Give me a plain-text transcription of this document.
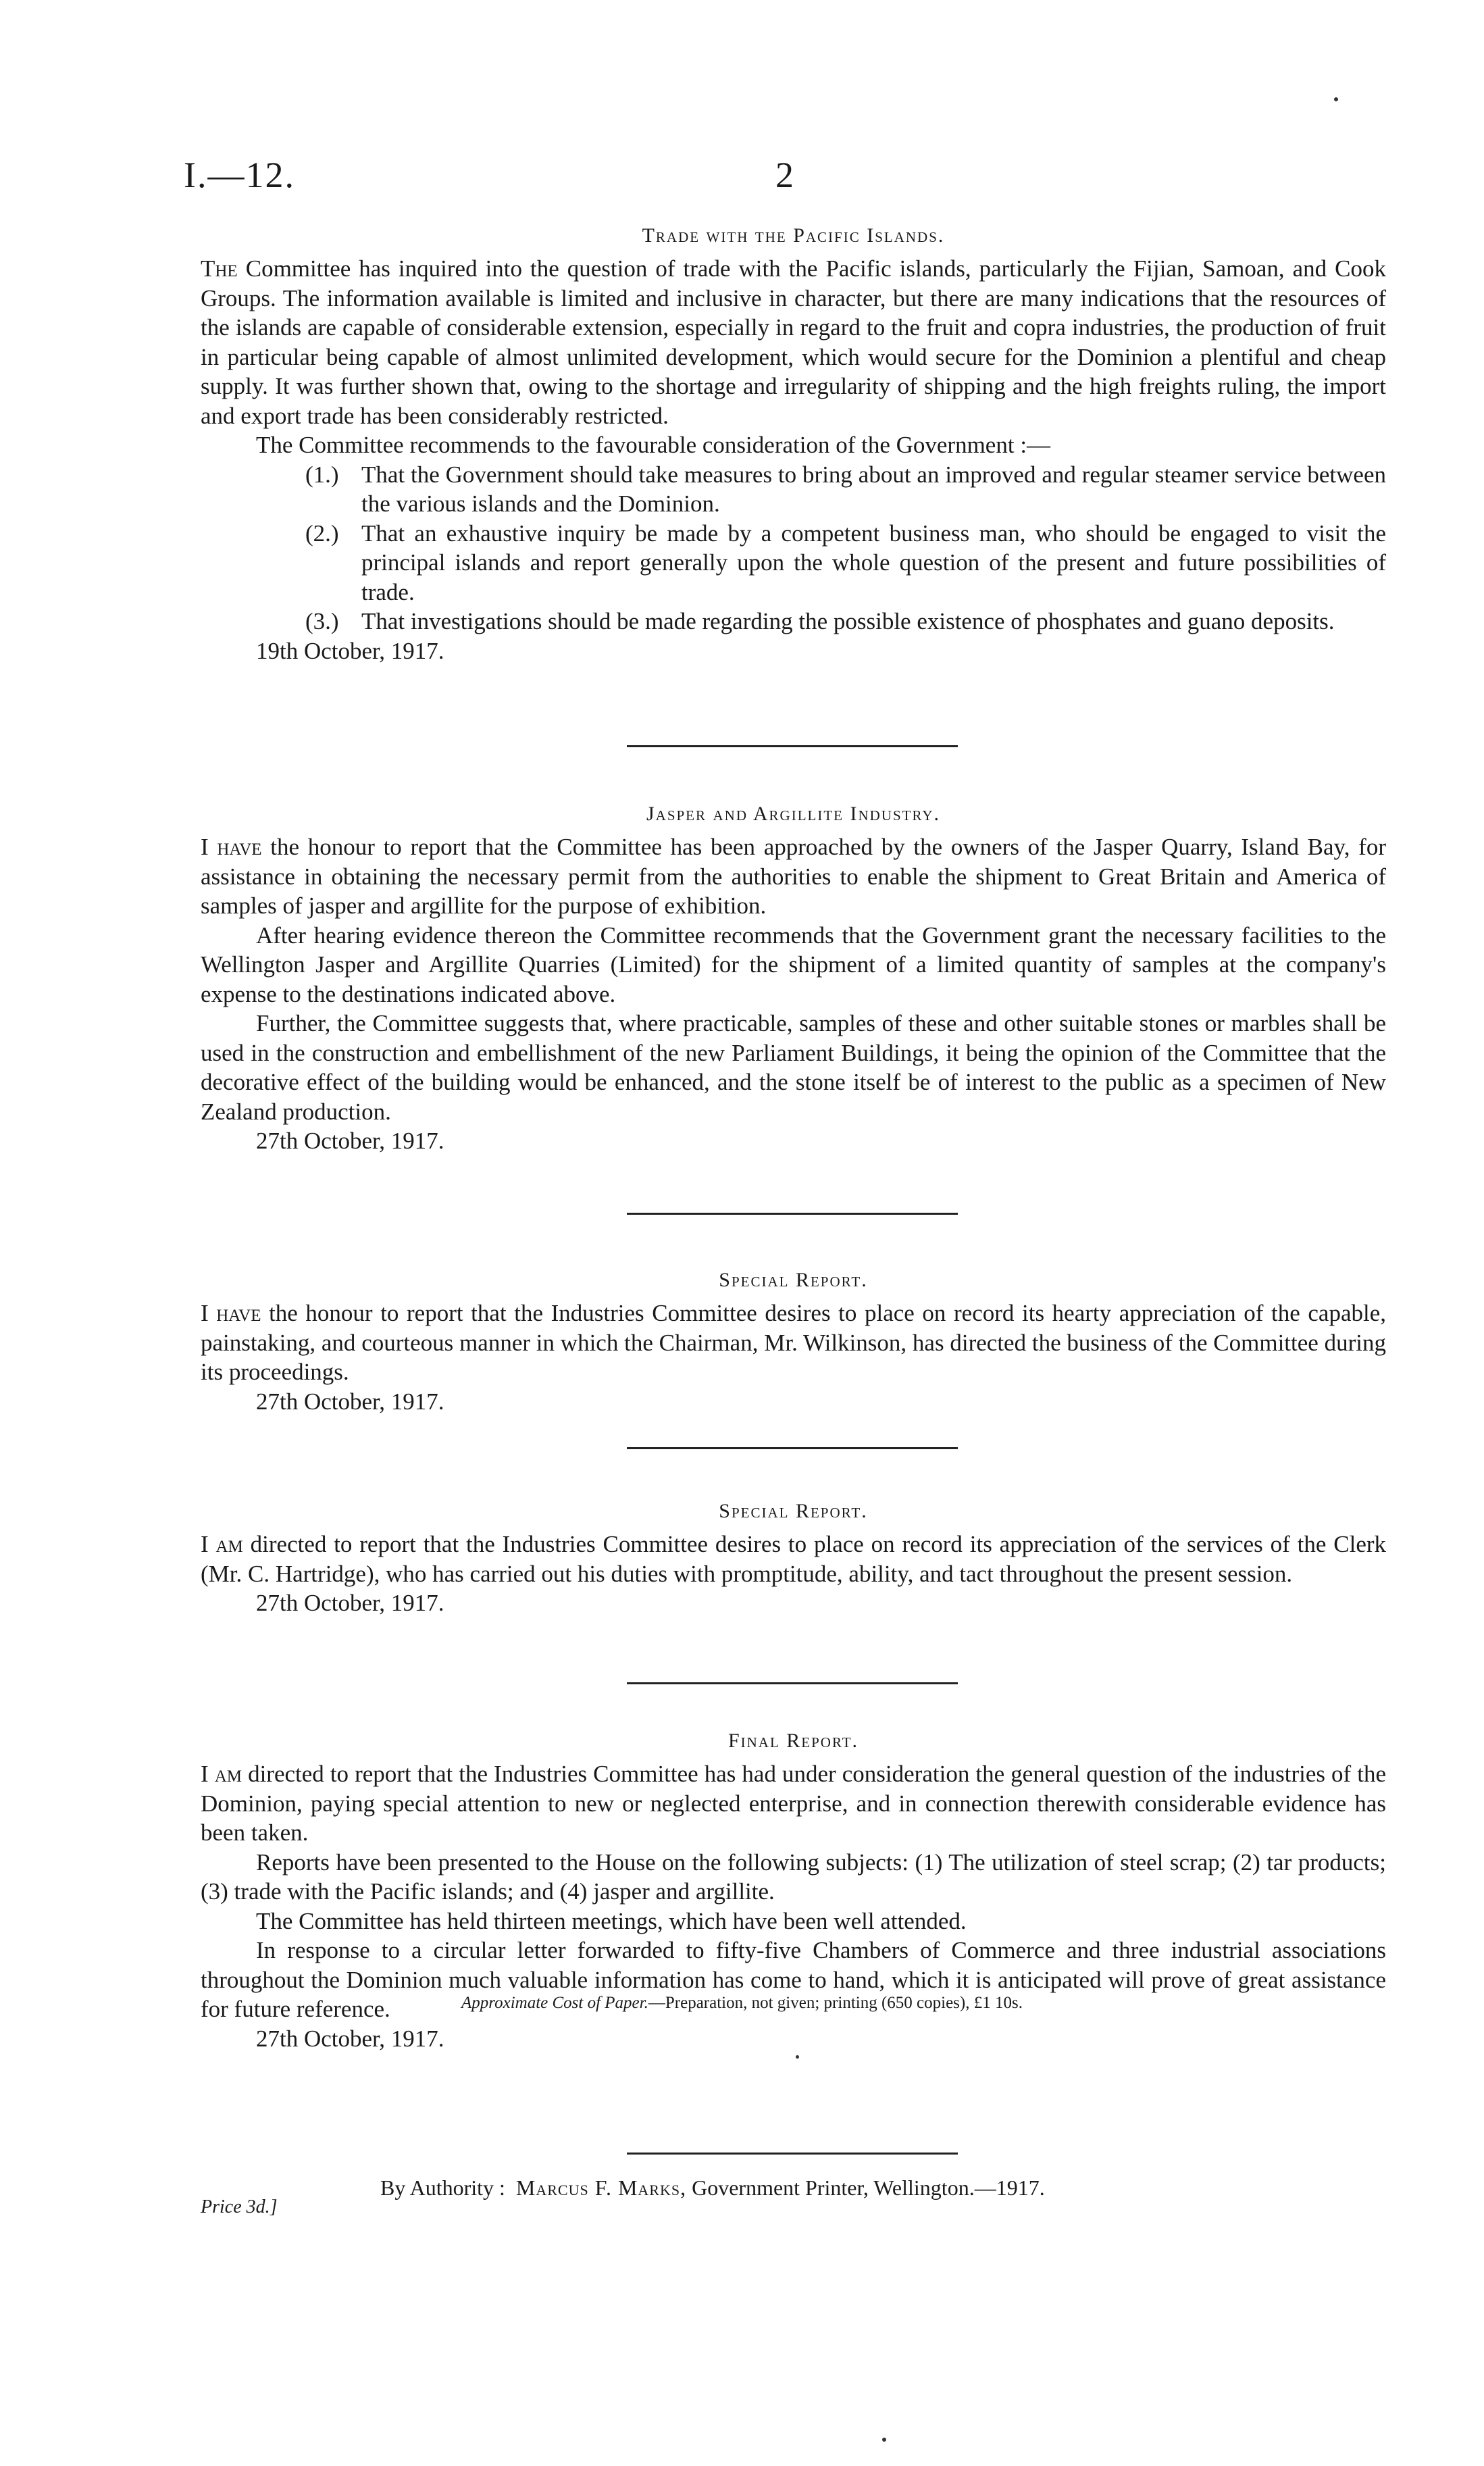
I.—12.	2
Trade with the Pacific Islands.

The Committee has inquired into the question of trade with the Pacific islands, particularly the Fijian, Samoan, and Cook Groups. The information available is limited and inclusive in character, but there are many indications that the resources of the islands are capable of considerable extension, especially in regard to the fruit and copra industries, the production of fruit in particular being capable of almost unlimited development, which would secure for the Dominion a plentiful and cheap supply. It was further shown that, owing to the shortage and irregularity of shipping and the high freights ruling, the import and export trade has been considerably restricted.

The Committee recommends to the favourable consideration of the Government :—

(1.) That the Government should take measures to bring about an improved and regular steamer service between the various islands and the Dominion.
(2.) That an exhaustive inquiry be made by a competent business man, who should be engaged to visit the principal islands and report generally upon the whole question of the present and future possibilities of trade.
(3.) That investigations should be made regarding the possible existence of phosphates and guano deposits.
19th October, 1917.
Jasper and Argillite Industry.

I have the honour to report that the Committee has been approached by the owners of the Jasper Quarry, Island Bay, for assistance in obtaining the necessary permit from the authorities to enable the shipment to Great Britain and America of samples of jasper and argillite for the purpose of exhibition.

After hearing evidence thereon the Committee recommends that the Government grant the necessary facilities to the Wellington Jasper and Argillite Quarries (Limited) for the shipment of a limited quantity of samples at the company's expense to the destinations indicated above.

Further, the Committee suggests that, where practicable, samples of these and other suitable stones or marbles shall be used in the construction and embellishment of the new Parliament Buildings, it being the opinion of the Committee that the decorative effect of the building would be enhanced, and the stone itself be of interest to the public as a specimen of New Zealand production.

27th October, 1917.
Special Report.

I have the honour to report that the Industries Committee desires to place on record its hearty appreciation of the capable, painstaking, and courteous manner in which the Chairman, Mr. Wilkinson, has directed the business of the Committee during its proceedings.

27th October, 1917.
Special Report.

I am directed to report that the Industries Committee desires to place on record its appreciation of the services of the Clerk (Mr. C. Hartridge), who has carried out his duties with promptitude, ability, and tact throughout the present session.

27th October, 1917.
Final Report.

I am directed to report that the Industries Committee has had under consideration the general question of the industries of the Dominion, paying special attention to new or neglected enterprise, and in connection therewith considerable evidence has been taken.

Reports have been presented to the House on the following subjects: (1) The utilization of steel scrap; (2) tar products; (3) trade with the Pacific islands; and (4) jasper and argillite.

The Committee has held thirteen meetings, which have been well attended.

In response to a circular letter forwarded to fifty-five Chambers of Commerce and three industrial associations throughout the Dominion much valuable information has come to hand, which it is anticipated will prove of great assistance for future reference.

27th October, 1917.
Approximate Cost of Paper.—Preparation, not given; printing (650 copies), £1 10s.
By Authority : Marcus F. Marks, Government Printer, Wellington.—1917.
Price 3d.]
